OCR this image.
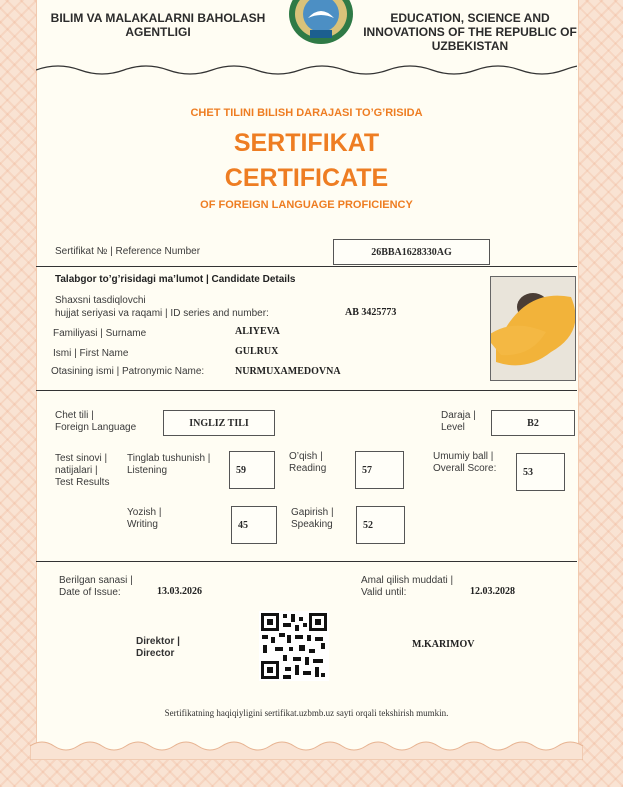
BILIM VA MALAKALARNI BAHOLASH
AGENTLIGI
EDUCATION, SCIENCE AND
INNOVATIONS OF THE REPUBLIC OF
UZBEKISTAN
CHET TILINI BILISH DARAJASI TO’G’RISIDA
SERTIFIKAT
CERTIFICATE
OF FOREIGN LANGUAGE PROFICIENCY
Sertifikat № | Reference Number	26BBA1628330AG
Talabgor to’g’risidagi ma’lumot | Candidate Details
Shaxsni tasdiqlovchi
hujjat seriyasi va raqami | ID series and number:	AB 3425773
Familiyasi | Surname	ALIYEVA
Ismi | First Name	GULRUX
Otasining ismi | Patronymic Name:	NURMUXAMEDOVNA
Chet tili |
Foreign Language	INGLIZ TILI
Daraja |
Level	B2
Test sinovi |
natijalari |
Test Results
Tinglab tushunish |
Listening	59
O’qish |
Reading	57
Umumiy ball |
Overall Score:	53
Yozish |
Writing	45
Gapirish |
Speaking	52
Berilgan sanasi |
Date of Issue:	13.03.2026
Amal qilish muddati |
Valid until:	12.03.2028
Direktor |
Director
M.KARIMOV
Sertifikatning haqiqiyligini sertifikat.uzbmb.uz sayti orqali tekshirish mumkin.
